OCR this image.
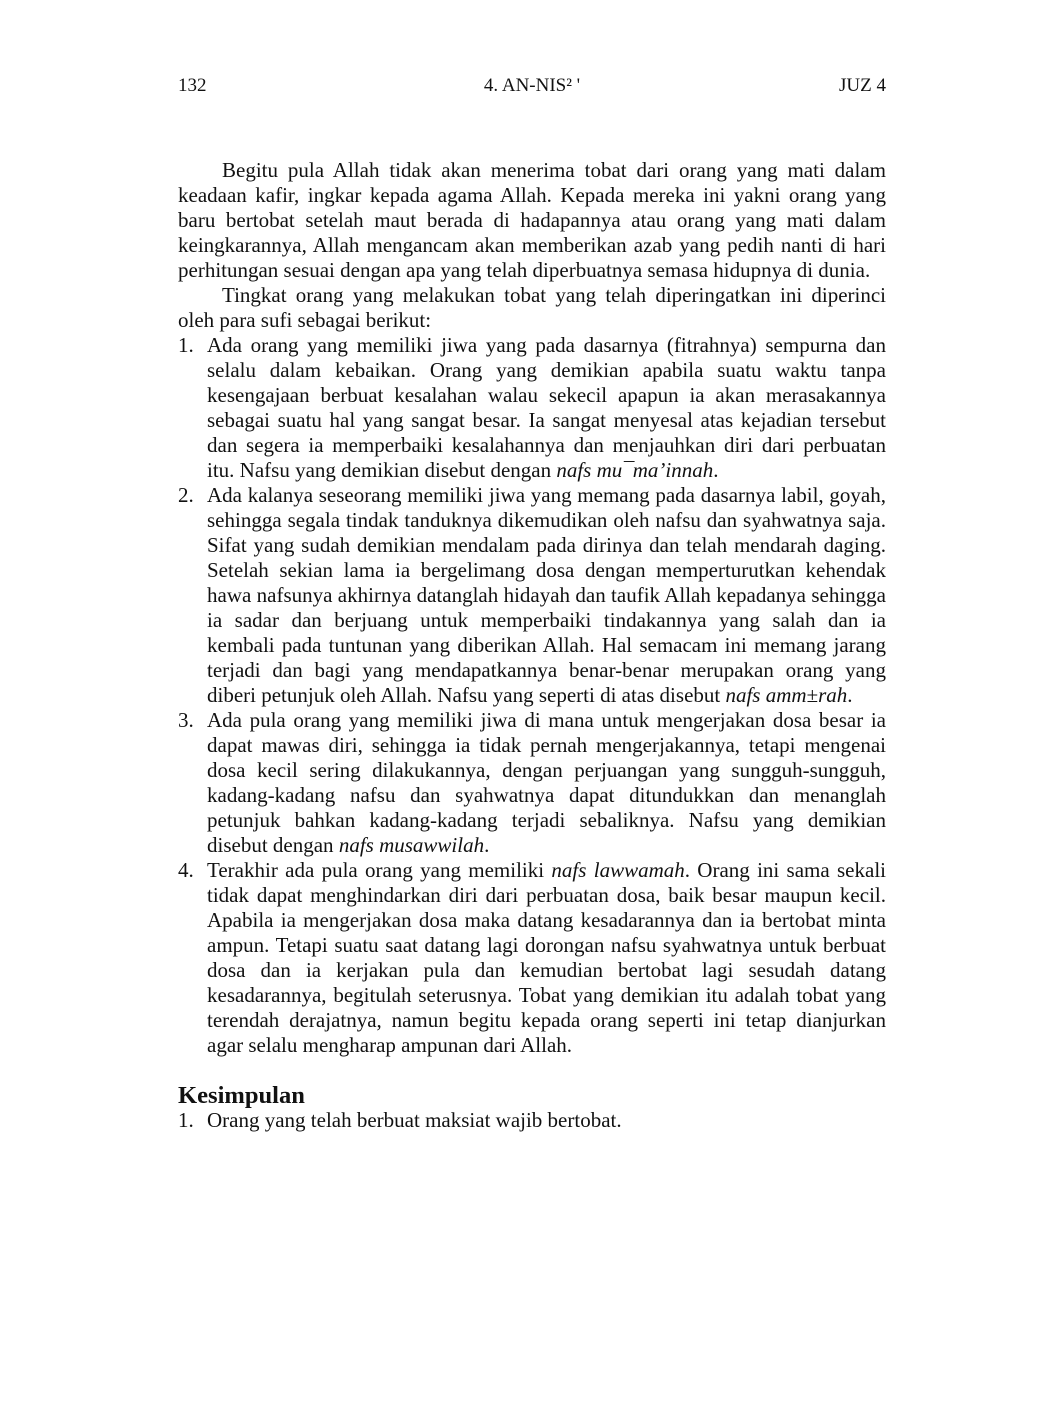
132	4. AN-NIS² '	JUZ 4

Begitu pula Allah tidak akan menerima tobat dari orang yang mati dalam keadaan kafir, ingkar kepada agama Allah. Kepada mereka ini yakni orang yang baru bertobat setelah maut berada di hadapannya atau orang yang mati dalam keingkarannya, Allah mengancam akan memberikan azab yang pedih nanti di hari perhitungan sesuai dengan apa yang telah diperbuatnya semasa hidupnya di dunia.

Tingkat orang yang melakukan tobat yang telah diperingatkan ini diperinci oleh para sufi sebagai berikut:

1. Ada orang yang memiliki jiwa yang pada dasarnya (fitrahnya) sempurna dan selalu dalam kebaikan. Orang yang demikian apabila suatu waktu tanpa kesengajaan berbuat kesalahan walau sekecil apapun ia akan merasakannya sebagai suatu hal yang sangat besar. Ia sangat menyesal atas kejadian tersebut dan segera ia memperbaiki kesalahannya dan menjauhkan diri dari perbuatan itu. Nafsu yang demikian disebut dengan nafs mu¯ma’innah.
2. Ada kalanya seseorang memiliki jiwa yang memang pada dasarnya labil, goyah, sehingga segala tindak tanduknya dikemudikan oleh nafsu dan syahwatnya saja. Sifat yang sudah demikian mendalam pada dirinya dan telah mendarah daging. Setelah sekian lama ia bergelimang dosa dengan memperturutkan kehendak hawa nafsunya akhirnya datanglah hidayah dan taufik Allah kepadanya sehingga ia sadar dan berjuang untuk memperbaiki tindakannya yang salah dan ia kembali pada tuntunan yang diberikan Allah. Hal semacam ini memang jarang terjadi dan bagi yang mendapatkannya benar-benar merupakan orang yang diberi petunjuk oleh Allah. Nafsu yang seperti di atas disebut nafs amm±rah.
3. Ada pula orang yang memiliki jiwa di mana untuk mengerjakan dosa besar ia dapat mawas diri, sehingga ia tidak pernah mengerjakannya, tetapi mengenai dosa kecil sering dilakukannya, dengan perjuangan yang sungguh-sungguh, kadang-kadang nafsu dan syahwatnya dapat ditundukkan dan menanglah petunjuk bahkan kadang-kadang terjadi sebaliknya. Nafsu yang demikian disebut dengan nafs musawwilah.
4. Terakhir ada pula orang yang memiliki nafs lawwamah. Orang ini sama sekali tidak dapat menghindarkan diri dari perbuatan dosa, baik besar maupun kecil. Apabila ia mengerjakan dosa maka datang kesadarannya dan ia bertobat minta ampun. Tetapi suatu saat datang lagi dorongan nafsu syahwatnya untuk berbuat dosa dan ia kerjakan pula dan kemudian bertobat lagi sesudah datang kesadarannya, begitulah seterusnya. Tobat yang demikian itu adalah tobat yang terendah derajatnya, namun begitu kepada orang seperti ini tetap dianjurkan agar selalu mengharap ampunan dari Allah.
Kesimpulan
1. Orang yang telah berbuat maksiat wajib bertobat.
